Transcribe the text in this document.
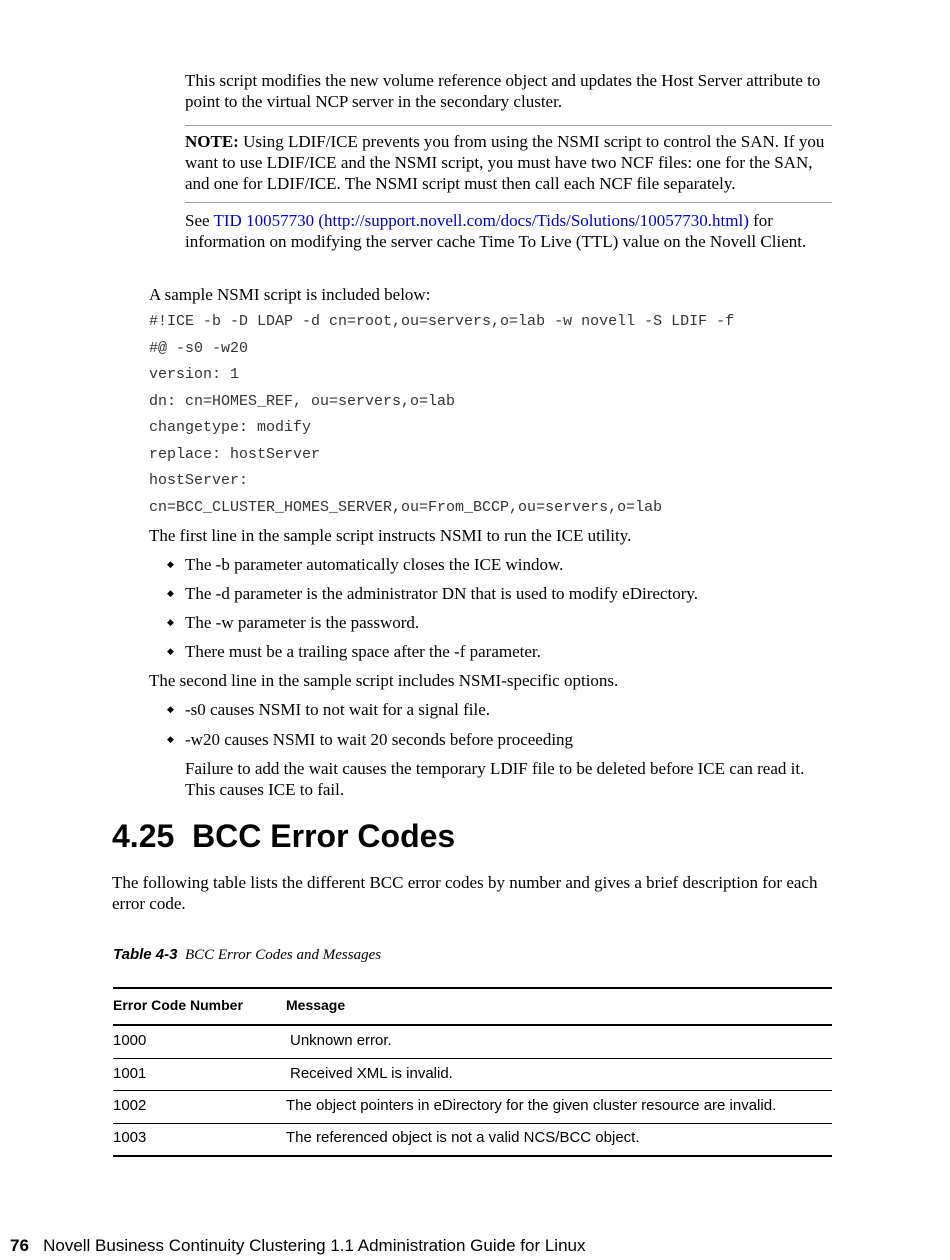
This script modifies the new volume reference object and updates the Host Server attribute to point to the virtual NCP server in the secondary cluster.
NOTE: Using LDIF/ICE prevents you from using the NSMI script to control the SAN. If you want to use LDIF/ICE and the NSMI script, you must have two NCF files: one for the SAN, and one for LDIF/ICE. The NSMI script must then call each NCF file separately.
See TID 10057730 (http://support.novell.com/docs/Tids/Solutions/10057730.html) for information on modifying the server cache Time To Live (TTL) value on the Novell Client.
A sample NSMI script is included below:
#!ICE -b -D LDAP -d cn=root,ou=servers,o=lab -w novell -S LDIF -f
#@ -s0 -w20
version: 1
dn: cn=HOMES_REF, ou=servers,o=lab
changetype: modify
replace: hostServer
hostServer:
cn=BCC_CLUSTER_HOMES_SERVER,ou=From_BCCP,ou=servers,o=lab
The first line in the sample script instructs NSMI to run the ICE utility.
◆ The -b parameter automatically closes the ICE window.
◆ The -d parameter is the administrator DN that is used to modify eDirectory.
◆ The -w parameter is the password.
◆ There must be a trailing space after the -f parameter.
The second line in the sample script includes NSMI-specific options.
◆ -s0 causes NSMI to not wait for a signal file.
◆ -w20 causes NSMI to wait 20 seconds before proceeding
Failure to add the wait causes the temporary LDIF file to be deleted before ICE can read it. This causes ICE to fail.
4.25 BCC Error Codes
The following table lists the different BCC error codes by number and gives a brief description for each error code.
Table 4-3 BCC Error Codes and Messages
Error Code Number	Message
1000	Unknown error.
1001	Received XML is invalid.
1002	The object pointers in eDirectory for the given cluster resource are invalid.
1003	The referenced object is not a valid NCS/BCC object.
76 Novell Business Continuity Clustering 1.1 Administration Guide for Linux
